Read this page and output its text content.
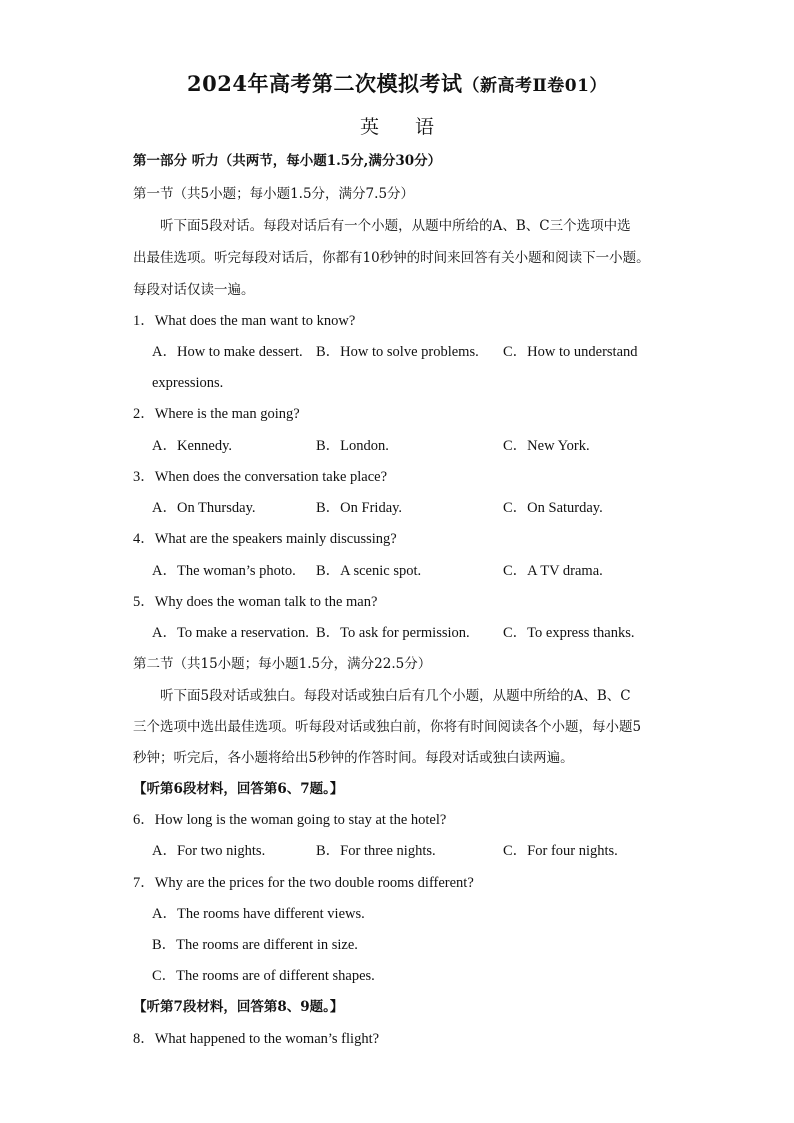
2024年高考第二次模拟考试（新高考Ⅱ卷01）
英语
第一部分 听力（共两节，每小题1.5分,满分30分）
第一节（共5小题；每小题1.5分，满分7.5分）
听下面5段对话。每段对话后有一个小题，从题中所给的A、B、C三个选项中选
出最佳选项。听完每段对话后，你都有10秒钟的时间来回答有关小题和阅读下一小题。
每段对话仅读一遍。
1．What does the man want to know?
A．How to make dessert. B．How to solve problems. C．How to understand
expressions.
2．Where is the man going?
A．Kennedy.	B．London.	C．New York.
3．When does the conversation take place?
A．On Thursday.	B．On Friday.	C．On Saturday.
4．What are the speakers mainly discussing?
A．The woman’s photo. B．A scenic spot.	C．A TV drama.
5．Why does the woman talk to the man?
A．To make a reservation. B．To ask for permission. C．To express thanks.
第二节（共15小题；每小题1.5分，满分22.5分）
听下面5段对话或独白。每段对话或独白后有几个小题，从题中所给的A、B、C
三个选项中选出最佳选项。听每段对话或独白前，你将有时间阅读各个小题，每小题5
秒钟；听完后，各小题将给出5秒钟的作答时间。每段对话或独白读两遍。
【听第6段材料，回答第6、7题。】
6．How long is the woman going to stay at the hotel?
A．For two nights.	B．For three nights.	C．For four nights.
7．Why are the prices for the two double rooms different?
A．The rooms have different views.
B．The rooms are different in size.
C．The rooms are of different shapes.
【听第7段材料，回答第8、9题。】
8．What happened to the woman’s flight?
